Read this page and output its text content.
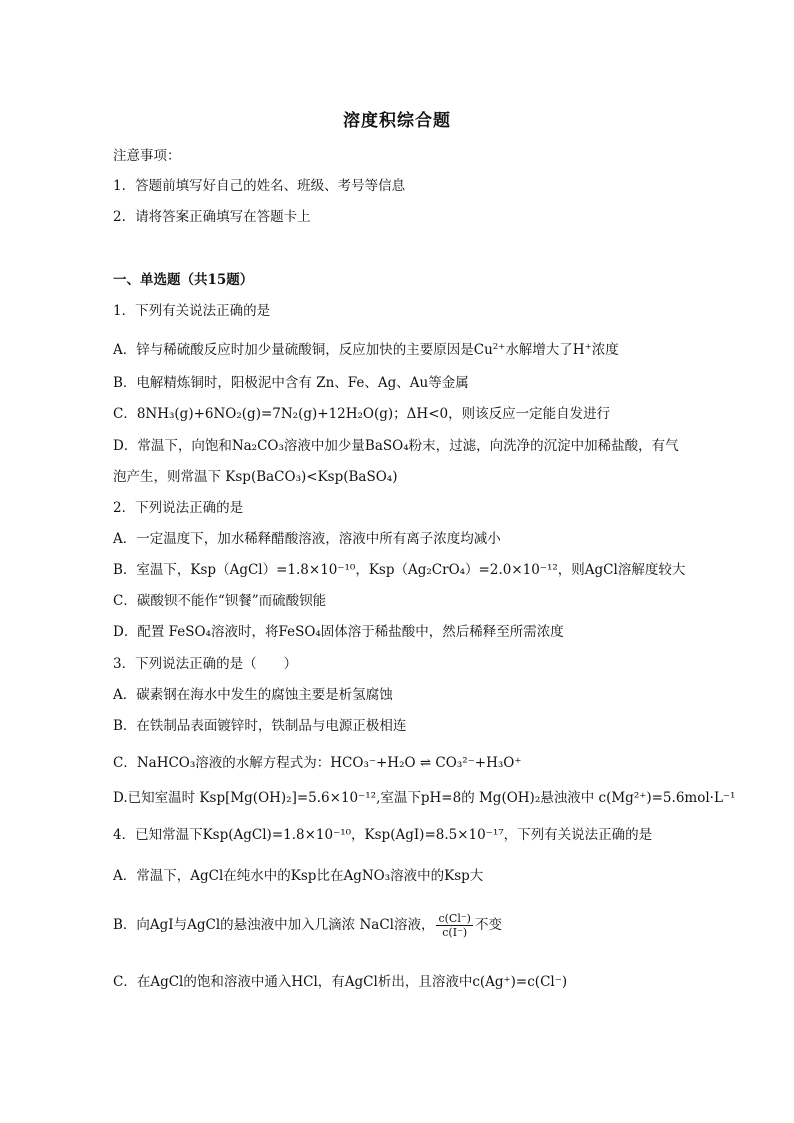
溶度积综合题
注意事项：
1．答题前填写好自己的姓名、班级、考号等信息
2．请将答案正确填写在答题卡上
一、单选题（共15题）
1．下列有关说法正确的是
A．锌与稀硫酸反应时加少量硫酸铜，反应加快的主要原因是$Cu^{2+}$水解增大了H+浓度
B．电解精炼铜时，阳极泥中含有 Zn、Fe、Ag、Au等金属
C．8NH₃(g)+6NO₂(g)=7N₂(g)+12H₂O(g)；ΔH<0，则该反应一定能自发进行
D．常温下，向饱和Na₂CO₃溶液中加少量BaSO₄粉末，过滤，向洗净的沉淀中加稀盐酸，有气
泡产生，则常温下 Ksp(BaCO₃)<Ksp(BaSO₄)
2．下列说法正确的是
A．一定温度下，加水稀释醋酸溶液，溶液中所有离子浓度均减小
B．室温下，Ksp（AgCl）=1.8×10⁻¹⁰，Ksp（Ag₂CrO₄）=2.0×10⁻¹²，则AgCl溶解度较大
C．碳酸钡不能作“钡餐”而硫酸钡能
D．配置 FeSO₄溶液时，将FeSO₄固体溶于稀盐酸中，然后稀释至所需浓度
3．下列说法正确的是（　　）
A．碳素钢在海水中发生的腐蚀主要是析氢腐蚀
B．在铁制品表面镀锌时，铁制品与电源正极相连
C．NaHCO₃溶液的水解方程式为：HCO₃⁻+H₂O ⇌ CO₃²⁻+H₃O⁺
D.已知室温时 Ksp[Mg(OH)₂]=5.6×10⁻¹²,室温下pH=8的 Mg(OH)₂悬浊液中 c(Mg²⁺)=5.6mol·L⁻¹
4．已知常温下Ksp(AgCl)=1.8×10⁻¹⁰，Ksp(AgI)=8.5×10⁻¹⁷，下列有关说法正确的是
A．常温下，AgCl在纯水中的Ksp比在AgNO₃溶液中的Ksp大
B．向AgI与AgCl的悬浊液中加入几滴浓 NaCl溶液， $\frac{c(Cl^-)}{c(I^-)}$ 不变
C．在AgCl的饱和溶液中通入HCl，有AgCl析出，且溶液中c(Ag⁺)=c(Cl⁻)
